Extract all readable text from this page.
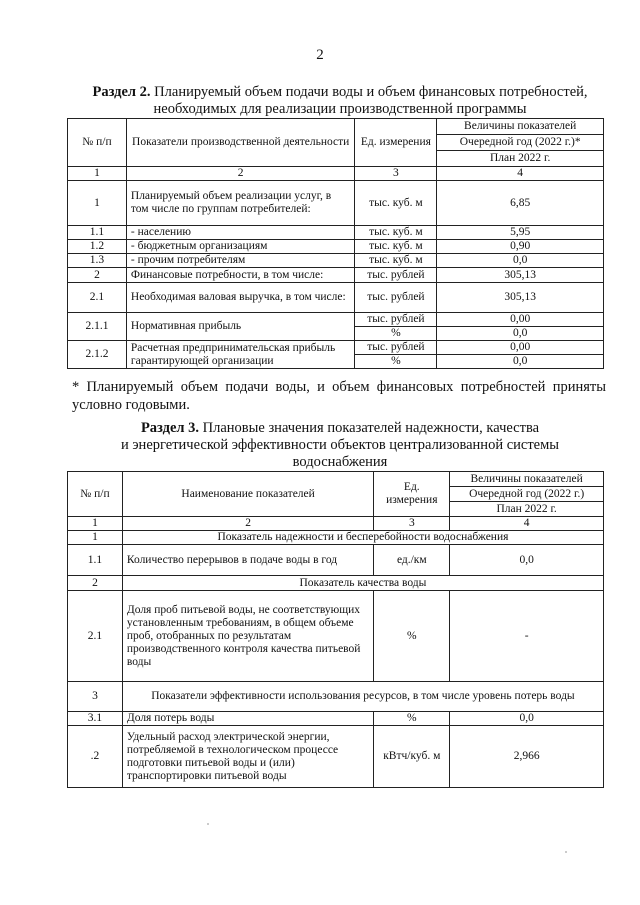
2
Раздел 2. Планируемый объем подачи воды и объем финансовых потребностей,
необходимых для реализации производственной программы
№ п/п	Показатели производственной деятельности	Ед. измерения	Величины показателей
			Очередной год (2022 г.)*
			План 2022 г.
1	2	3	4
1	Планируемый объем реализации услуг, в том числе по группам потребителей:	тыс. куб. м	6,85
1.1	- населению	тыс. куб. м	5,95
1.2	- бюджетным организациям	тыс. куб. м	0,90
1.3	- прочим потребителям	тыс. куб. м	0,0
2	Финансовые потребности, в том числе:	тыс. рублей	305,13
2.1	Необходимая валовая выручка, в том числе:	тыс. рублей	305,13
2.1.1	Нормативная прибыль	тыс. рублей	0,00
		%	0,0
2.1.2	Расчетная предпринимательская прибыль гарантирующей организации	тыс. рублей	0,00
		%	0,0
* Планируемый объем подачи воды, и объем финансовых потребностей приняты условно годовыми.
Раздел 3. Плановые значения показателей надежности, качества
и энергетической эффективности объектов централизованной системы
водоснабжения
№ п/п	Наименование показателей	Ед. измерения	Величины показателей
			Очередной год (2022 г.)
			План 2022 г.
1	2	3	4
1	Показатель надежности и бесперебойности водоснабжения		
1.1	Количество перерывов в подаче воды в год	ед./км	0,0
2	Показатель качества воды		
2.1	Доля проб питьевой воды, не соответствующих установленным требованиям, в общем объеме проб, отобранных по результатам производственного контроля качества питьевой воды	%	-
3	Показатели эффективности использования ресурсов, в том числе уровень потерь воды		
3.1	Доля потерь воды	%	0,0
.2	Удельный расход электрической энергии, потребляемой в технологическом процессе подготовки питьевой воды и (или) транспортировки питьевой воды	кВтч/куб. м	2,966
